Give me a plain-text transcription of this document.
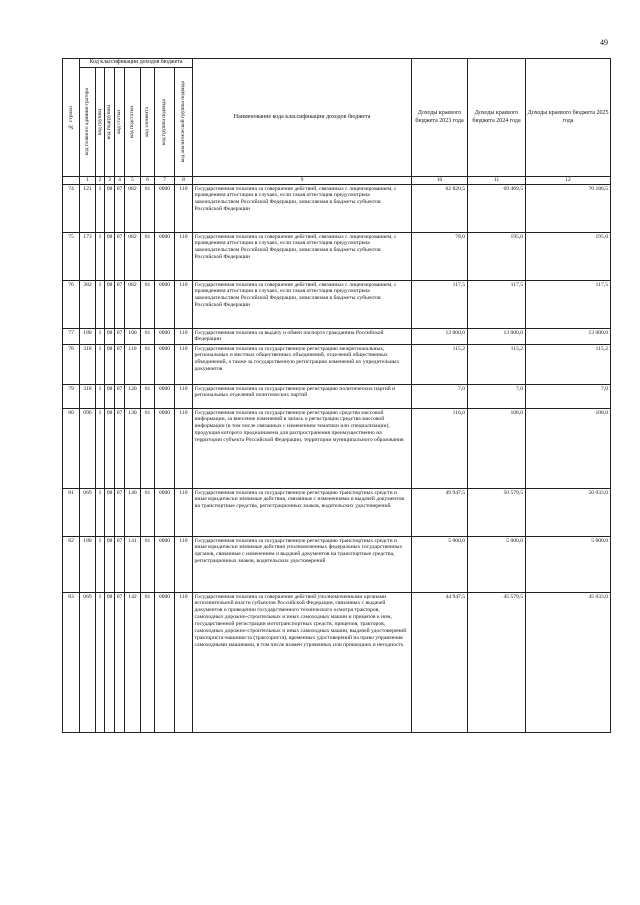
49
№ строки	Код классификации доходов бюджета								Наименование кода классификации доходов бюджета	Доходы краевого бюджета 2023 года	Доходы краевого бюджета 2024 года	Доходы краевого бюджета 2025 года

	код главного администратора	код группы	код подгруппы	код статьи	код подстатьи	код элемента	код группы подвида	код аналитической группы подвида				

	1	2	3	4	5	6	7	8	9	10	11	12
74	121	1	08	07	082	01	0000	110	Государственная пошлина за совершение действий, связанных с лицензированием, с проведением аттестации в случаях, если такая аттестация предусмотрена законодательством Российской Федерации, зачисляемая в бюджеты субъектов Российской Федерации	62 820,5	69 469,5	70 186,5
75	173	1	08	07	082	01	0000	110	Государственная пошлина за совершение действий, связанных с лицензированием, с проведением аттестации в случаях, если такая аттестация предусмотрена законодательством Российской Федерации, зачисляемая в бюджеты субъектов Российской Федерации	78,0	195,0	195,0
76	382	1	08	07	082	01	0000	110	Государственная пошлина за совершение действий, связанных с лицензированием, с проведением аттестации в случаях, если такая аттестация предусмотрена законодательством Российской Федерации, зачисляемая в бюджеты субъектов Российской Федерации	117,5	117,5	117,5
77	188	1	08	07	100	01	0000	110	Государственная пошлина за выдачу и обмен паспорта гражданина Российской Федерации	13 000,0	13 000,0	13 000,0
78	318	1	08	07	110	01	0000	110	Государственная пошлина за государственную регистрацию межрегиональных, региональных и местных общественных объединений, отделений общественных объединений, а также за государственную регистрацию изменений их учредительных документов	115,2	115,2	115,2
79	318	1	08	07	120	01	0000	110	Государственная пошлина за государственную регистрацию политических партий и региональных отделений политических партий	7,0	7,0	7,0
80	096	1	08	07	130	01	0000	110	Государственная пошлина за государственную регистрацию средства массовой информации, за внесение изменений в запись о регистрации средства массовой информации (в том числе связанных с изменением тематики или специализации), продукция которого предназначена для распространения преимущественно на территории субъекта Российской Федерации, территории муниципального образования	116,0	108,0	108,0
81	069	1	08	07	140	01	0000	110	Государственная пошлина за государственную регистрацию транспортных средств и иные юридически значимые действия, связанные с изменениями и выдачей документов на транспортные средства, регистрационных знаков, водительских удостоверений	49 947,5	50 579,5	50 033,0
82	188	1	08	07	141	01	0000	110	Государственная пошлина за государственную регистрацию транспортных средств и иные юридически значимые действия уполномоченных федеральных государственных органов, связанные с изменением и выдачей документов на транспортные средства, регистрационных знаков, водительских удостоверений	5 000,0	5 000,0	5 000,0
83	069	1	08	07	142	01	0000	110	Государственная пошлина за совершение действий уполномоченными органами исполнительной власти субъектов Российской Федерации, связанных с выдачей документов о проведении государственного технического осмотра тракторов, самоходных дорожно-строительных и иных самоходных машин и прицепов к ним, государственной регистрации мототранспортных средств, прицепов, тракторов, самоходных дорожно-строительных и иных самоходных машин, выдачей удостоверений тракториста-машиниста (тракториста), временных удостоверений на право управления самоходными машинами, в том числе взамен утраченных или пришедших в негодность	44 947,5	45 579,5	45 033,0
